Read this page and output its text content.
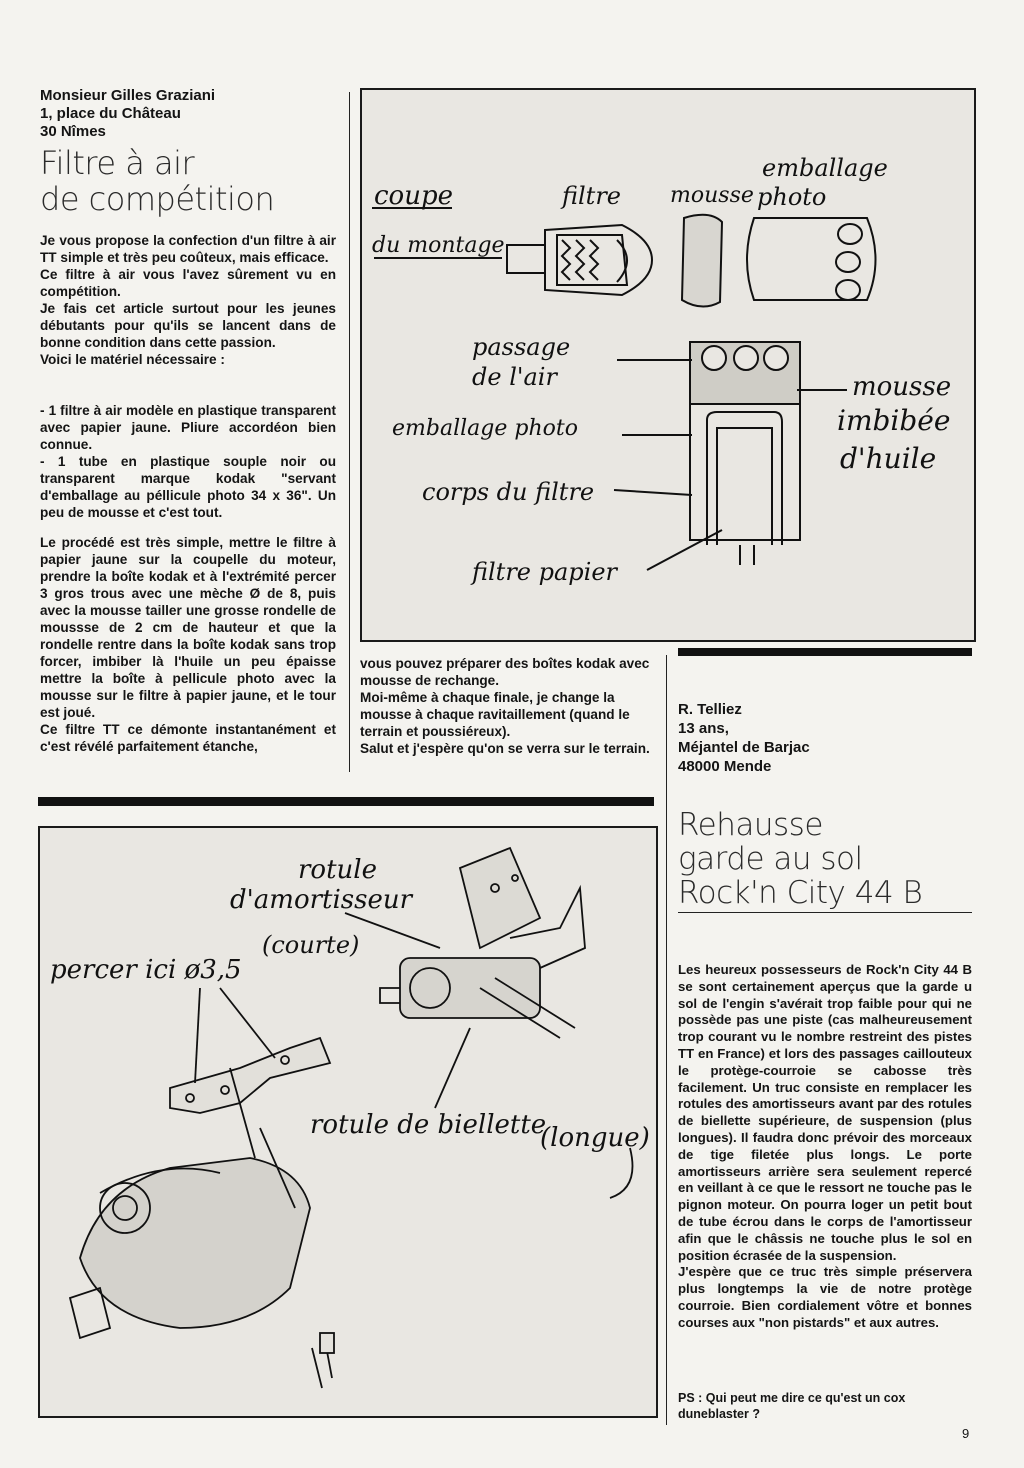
Monsieur Gilles Graziani
1, place du Château
30 Nîmes
Filtre à air
de compétition

Je vous propose la confection d'un filtre à air TT simple et très peu coûteux, mais efficace.

Ce filtre à air vous l'avez sûrement vu en compétition.

Je fais cet article surtout pour les jeunes débutants pour qu'ils se lancent dans de bonne condition dans cette passion.

Voici le matériel nécessaire :

- 1 filtre à air modèle en plastique transparent avec papier jaune. Pliure accordéon bien connue.

- 1 tube en plastique souple noir ou transparent marque kodak "servant d'emballage au péllicule photo 34 x 36". Un peu de mousse et c'est tout.

Le procédé est très simple, mettre le filtre à papier jaune sur la coupelle du moteur, prendre la boîte kodak et à l'extrémité percer 3 gros trous avec une mèche Ø de 8, puis avec la mousse tailler une grosse rondelle de moussse de 2 cm de hauteur et que la rondelle rentre dans la boîte kodak sans trop forcer, imbiber là l'huile un peu épaisse mettre la boîte à pellicule photo avec la mousse sur le filtre à papier jaune, et le tour est joué.

Ce filtre TT ce démonte instantanément et c'est révélé parfaitement étanche,

coupe
du montage
filtre mousse
emballage
photo
passage
de l'air
emballage photo
corps du filtre
filtre papier
mousse
imbibée
d'huile

vous pouvez préparer des boîtes kodak avec mousse de rechange.

Moi-même à chaque finale, je change la mousse à chaque ravitaillement (quand le terrain et poussiéreux).

Salut et j'espère qu'on se verra sur le terrain.

R. Telliez
13 ans,
Méjantel de Barjac
48000 Mende
rotule
d'amortisseur
(courte)
percer ici ø3,5
rotule de biellette
(longue)
Rehausse
garde au sol
Rock'n City 44 B

Les heureux possesseurs de Rock'n City 44 B se sont certainement aperçus que la garde u sol de l'engin s'avérait trop faible pour qui ne possède pas une piste (cas malheureusement trop courant vu le nombre restreint des pistes TT en France) et lors des passages caillouteux le protège-courroie se cabosse très facilement. Un truc consiste en remplacer les rotules des amortisseurs avant par des rotules de biellette supérieure, de suspension (plus longues). Il faudra donc prévoir des morceaux de tige filetée plus longs. Le porte amortisseurs arrière sera seulement repercé en veillant à ce que le ressort ne touche pas le pignon moteur. On pourra loger un petit bout de tube écrou dans le corps de l'amortisseur afin que le châssis ne touche plus le sol en position écrasée de la suspension.

J'espère que ce truc très simple préservera plus longtemps la vie de notre protège courroie. Bien cordialement vôtre et bonnes courses aux "non pistards" et aux autres.

PS : Qui peut me dire ce qu'est un cox duneblaster ?
9
